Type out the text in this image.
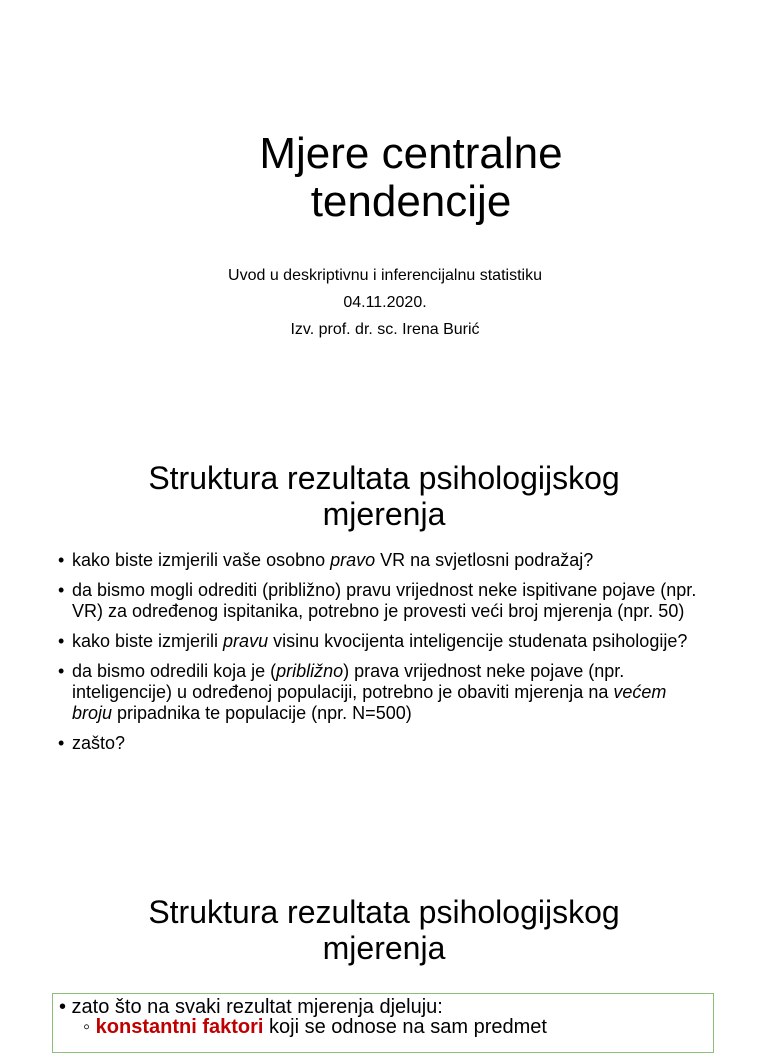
Mjere centralne
tendencije
Uvod u deskriptivnu i inferencijalnu statistiku
04.11.2020.
Izv. prof. dr. sc. Irena Burić
Struktura rezultata psihologijskog
mjerenja
• kako biste izmjerili vaše osobno pravo VR na svjetlosni podražaj?
• da bismo mogli odrediti (približno) pravu vrijednost neke ispitivane pojave (npr. VR) za određenog ispitanika, potrebno je provesti veći broj mjerenja (npr. 50)
• kako biste izmjerili pravu visinu kvocijenta inteligencije studenata psihologije?
• da bismo odredili koja je (približno) prava vrijednost neke pojave (npr. inteligencije) u određenoj populaciji, potrebno je obaviti mjerenja na većem broju pripadnika te populacije (npr. N=500)
• zašto?
Struktura rezultata psihologijskog
mjerenja
• zato što na svaki rezultat mjerenja djeluju:
◦ konstantni faktori koji se odnose na sam predmet
